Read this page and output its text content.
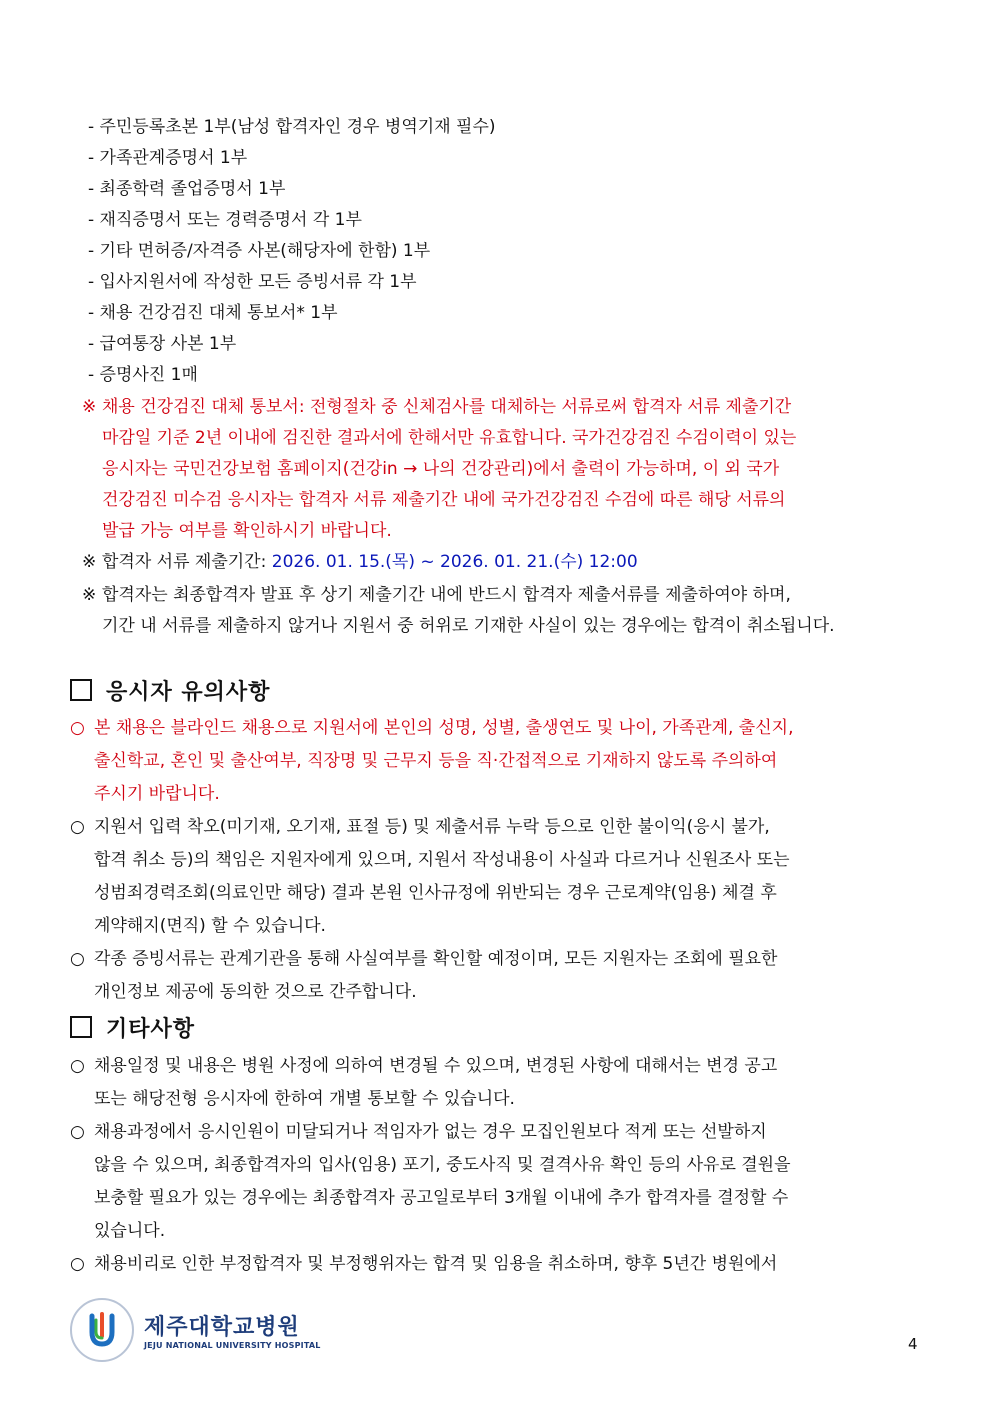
- 주민등록초본 1부(남성 합격자인 경우 병역기재 필수)
- 가족관계증명서 1부
- 최종학력 졸업증명서 1부
- 재직증명서 또는 경력증명서 각 1부
- 기타 면허증/자격증 사본(해당자에 한함) 1부
- 입사지원서에 작성한 모든 증빙서류 각 1부
- 채용 건강검진 대체 통보서* 1부
- 급여통장 사본 1부
- 증명사진 1매
※ 채용 건강검진 대체 통보서: 전형절차 중 신체검사를 대체하는 서류로써 합격자 서류 제출기간
마감일 기준 2년 이내에 검진한 결과서에 한해서만 유효합니다. 국가건강검진 수검이력이 있는
응시자는 국민건강보험 홈페이지(건강in → 나의 건강관리)에서 출력이 가능하며, 이 외 국가
건강검진 미수검 응시자는 합격자 서류 제출기간 내에 국가건강검진 수검에 따른 해당 서류의
발급 가능 여부를 확인하시기 바랍니다.
※ 합격자 서류 제출기간: 2026. 01. 15.(목) ~ 2026. 01. 21.(수) 12:00
※ 합격자는 최종합격자 발표 후 상기 제출기간 내에 반드시 합격자 제출서류를 제출하여야 하며,
기간 내 서류를 제출하지 않거나 지원서 중 허위로 기재한 사실이 있는 경우에는 합격이 취소됩니다.
응시자 유의사항
○ 본 채용은 블라인드 채용으로 지원서에 본인의 성명, 성별, 출생연도 및 나이, 가족관계, 출신지,
출신학교, 혼인 및 출산여부, 직장명 및 근무지 등을 직·간접적으로 기재하지 않도록 주의하여
주시기 바랍니다.
○ 지원서 입력 착오(미기재, 오기재, 표절 등) 및 제출서류 누락 등으로 인한 불이익(응시 불가,
합격 취소 등)의 책임은 지원자에게 있으며, 지원서 작성내용이 사실과 다르거나 신원조사 또는
성범죄경력조회(의료인만 해당) 결과 본원 인사규정에 위반되는 경우 근로계약(임용) 체결 후
계약해지(면직) 할 수 있습니다.
○ 각종 증빙서류는 관계기관을 통해 사실여부를 확인할 예정이며, 모든 지원자는 조회에 필요한
개인정보 제공에 동의한 것으로 간주합니다.
기타사항
○ 채용일정 및 내용은 병원 사정에 의하여 변경될 수 있으며, 변경된 사항에 대해서는 변경 공고
또는 해당전형 응시자에 한하여 개별 통보할 수 있습니다.
○ 채용과정에서 응시인원이 미달되거나 적임자가 없는 경우 모집인원보다 적게 또는 선발하지
않을 수 있으며, 최종합격자의 입사(임용) 포기, 중도사직 및 결격사유 확인 등의 사유로 결원을
보충할 필요가 있는 경우에는 최종합격자 공고일로부터 3개월 이내에 추가 합격자를 결정할 수
있습니다.
○ 채용비리로 인한 부정합격자 및 부정행위자는 합격 및 임용을 취소하며, 향후 5년간 병원에서
제주대학교병원
JEJU NATIONAL UNIVERSITY HOSPITAL	4
